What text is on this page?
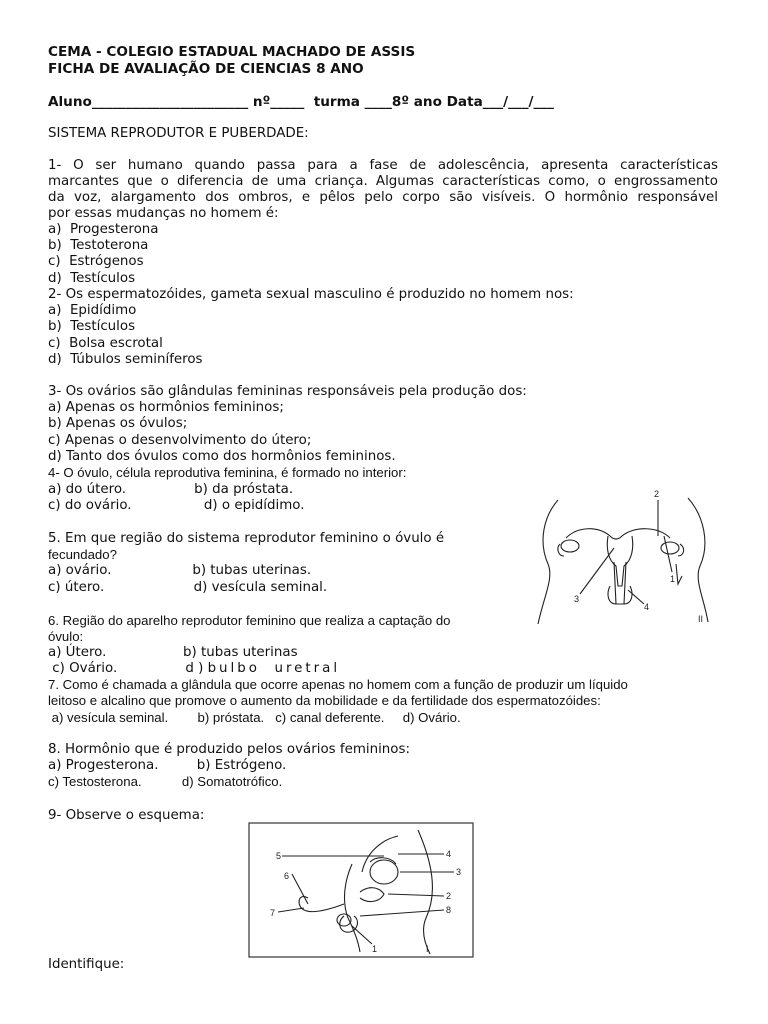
CEMA - COLEGIO ESTADUAL MACHADO DE ASSIS
FICHA DE AVALIAÇÃO DE CIENCIAS 8 ANO
Aluno_______________________ nº_____  turma ____8º ano Data___/___/___
SISTEMA REPRODUTOR E PUBERDADE:
1- O ser humano quando passa para a fase de adolescência, apresenta características
marcantes que o diferencia de uma criança. Algumas características como, o engrossamento
da voz, alargamento dos ombros, e pêlos pelo corpo são visíveis. O hormônio responsável
por essas mudanças no homem é:
a)  Progesterona
b)  Testoterona
c)  Estrógenos
d)  Testículos
2- Os espermatozóides, gameta sexual masculino é produzido no homem nos:
a)  Epidídimo
b)  Testículos
c)  Bolsa escrotal
d)  Túbulos seminíferos
3- Os ovários são glândulas femininas responsáveis pela produção dos:
a) Apenas os hormônios femininos;
b) Apenas os óvulos;
c) Apenas o desenvolvimento do útero;
d) Tanto dos óvulos como dos hormônios femininos.
4- O óvulo, célula reprodutiva feminina, é formado no interior:
a) do útero.                b) da próstata.
c) do ovário.                 d) o epidídimo.
5. Em que região do sistema reprodutor feminino o óvulo é
fecundado?
a) ovário.                   b) tubas uterinas.
c) útero.                     d) vesícula seminal.
6. Região do aparelho reprodutor feminino que realiza a captação do
óvulo:
a) Útero.                  b) tubas uterinas
c) Ovário.                d ) bulbo  uretral
7. Como é chamada a glândula que ocorre apenas no homem com a função de produzir um líquido
leitoso e alcalino que promove o aumento da mobilidade e da fertilidade dos espermatozóides:
a) vesícula seminal.        b) próstata.   c) canal deferente.     d) Ovário.
8. Hormônio que é produzido pelos ovários femininos:
a) Progesterona.         b) Estrógeno.
c) Testosterona.           d) Somatotrófico.
9- Observe o esquema:
Identifique:
2
1
3
4
II
5	4
3
6
2
7	8
1	I
